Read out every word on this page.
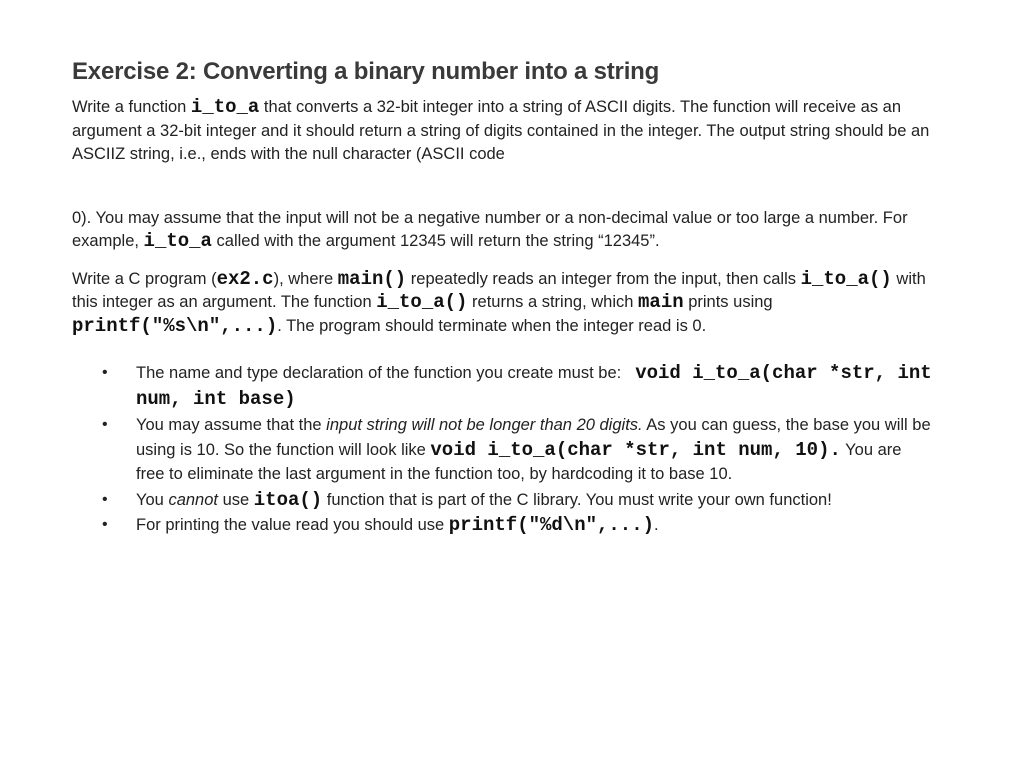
Exercise 2: Converting a binary number into a string

Write a function i_to_a that converts a 32-bit integer into a string of ASCII digits. The function will receive as an argument a 32-bit integer and it should return a string of digits contained in the integer. The output string should be an ASCIIZ string, i.e., ends with the null character (ASCII code

0). You may assume that the input will not be a negative number or a non-decimal value or too large a number. For example, i_to_a called with the argument 12345 will return the string “12345”.

Write a C program (ex2.c), where main() repeatedly reads an integer from the input, then calls i_to_a() with this integer as an argument. The function i_to_a() returns a string, which main prints using printf("%s\n",...). The program should terminate when the integer read is 0.

• The name and type declaration of the function you create must be: void i_to_a(char *str, int num, int base)
• You may assume that the input string will not be longer than 20 digits. As you can guess, the base you will be using is 10. So the function will look like void i_to_a(char *str, int num, 10). You are free to eliminate the last argument in the function too, by hardcoding it to base 10.
• You cannot use itoa() function that is part of the C library. You must write your own function!
• For printing the value read you should use printf("%d\n",...).
